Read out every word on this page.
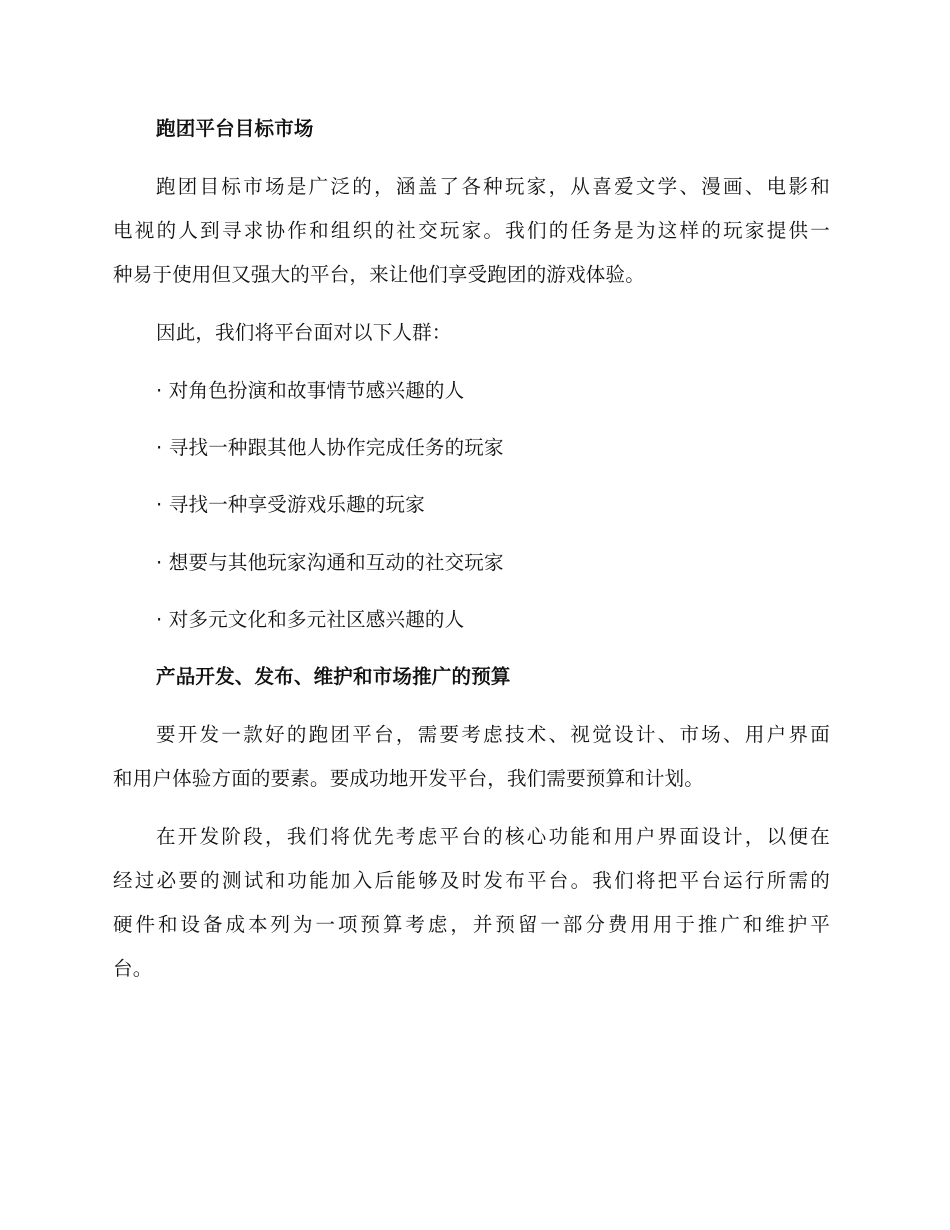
跑团平台目标市场
跑团目标市场是广泛的，涵盖了各种玩家，从喜爱文学、漫画、电影和
电视的人到寻求协作和组织的社交玩家。我们的任务是为这样的玩家提供一
种易于使用但又强大的平台，来让他们享受跑团的游戏体验。
因此，我们将平台面对以下人群：
· 对角色扮演和故事情节感兴趣的人
· 寻找一种跟其他人协作完成任务的玩家
· 寻找一种享受游戏乐趣的玩家
· 想要与其他玩家沟通和互动的社交玩家
· 对多元文化和多元社区感兴趣的人
产品开发、发布、维护和市场推广的预算
要开发一款好的跑团平台，需要考虑技术、视觉设计、市场、用户界面
和用户体验方面的要素。要成功地开发平台，我们需要预算和计划。
在开发阶段，我们将优先考虑平台的核心功能和用户界面设计，以便在
经过必要的测试和功能加入后能够及时发布平台。我们将把平台运行所需的
硬件和设备成本列为一项预算考虑，并预留一部分费用用于推广和维护平
台。
